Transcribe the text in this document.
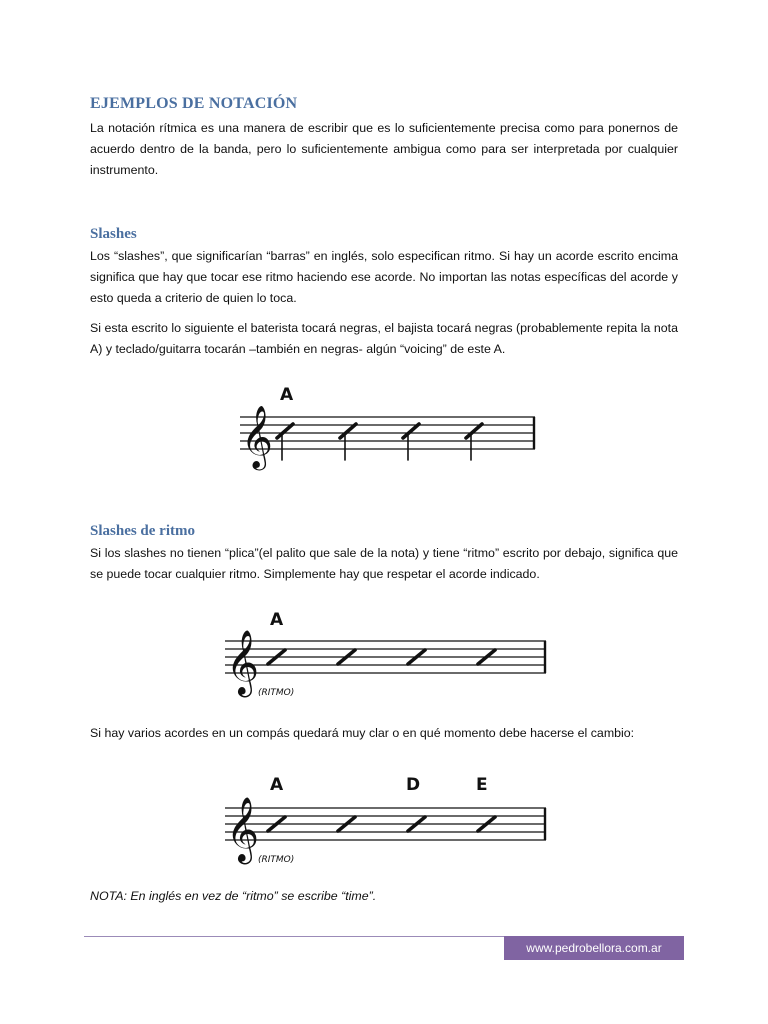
EJEMPLOS DE NOTACIÓN

La notación rítmica es una manera de escribir que es lo suficientemente precisa como para ponernos de acuerdo dentro de la banda, pero lo suficientemente ambigua como para ser interpretada por cualquier instrumento.

Slashes

Los “slashes”, que significarían “barras” en inglés, solo especifican ritmo. Si hay un acorde escrito encima significa que hay que tocar ese ritmo haciendo ese acorde. No importan las notas específicas del acorde y esto queda a criterio de quien lo toca.

Si esta escrito lo siguiente el baterista tocará negras, el bajista tocará negras (probablemente repita la nota A) y teclado/guitarra tocarán –también en negras- algún “voicing” de este A.

𝄞
A
Slashes de ritmo

Si los slashes no tienen “plica”(el palito que sale de la nota) y tiene “ritmo” escrito por debajo, significa que se puede tocar cualquier ritmo. Simplemente hay que respetar el acorde indicado.

𝄞
A
(RITMO)

Si hay varios acordes en un compás quedará muy clar o en qué momento debe hacerse el cambio:

𝄞
A	D	E
(RITMO)

NOTA: En inglés en vez de “ritmo” se escribe “time”.

www.pedrobellora.com.ar
